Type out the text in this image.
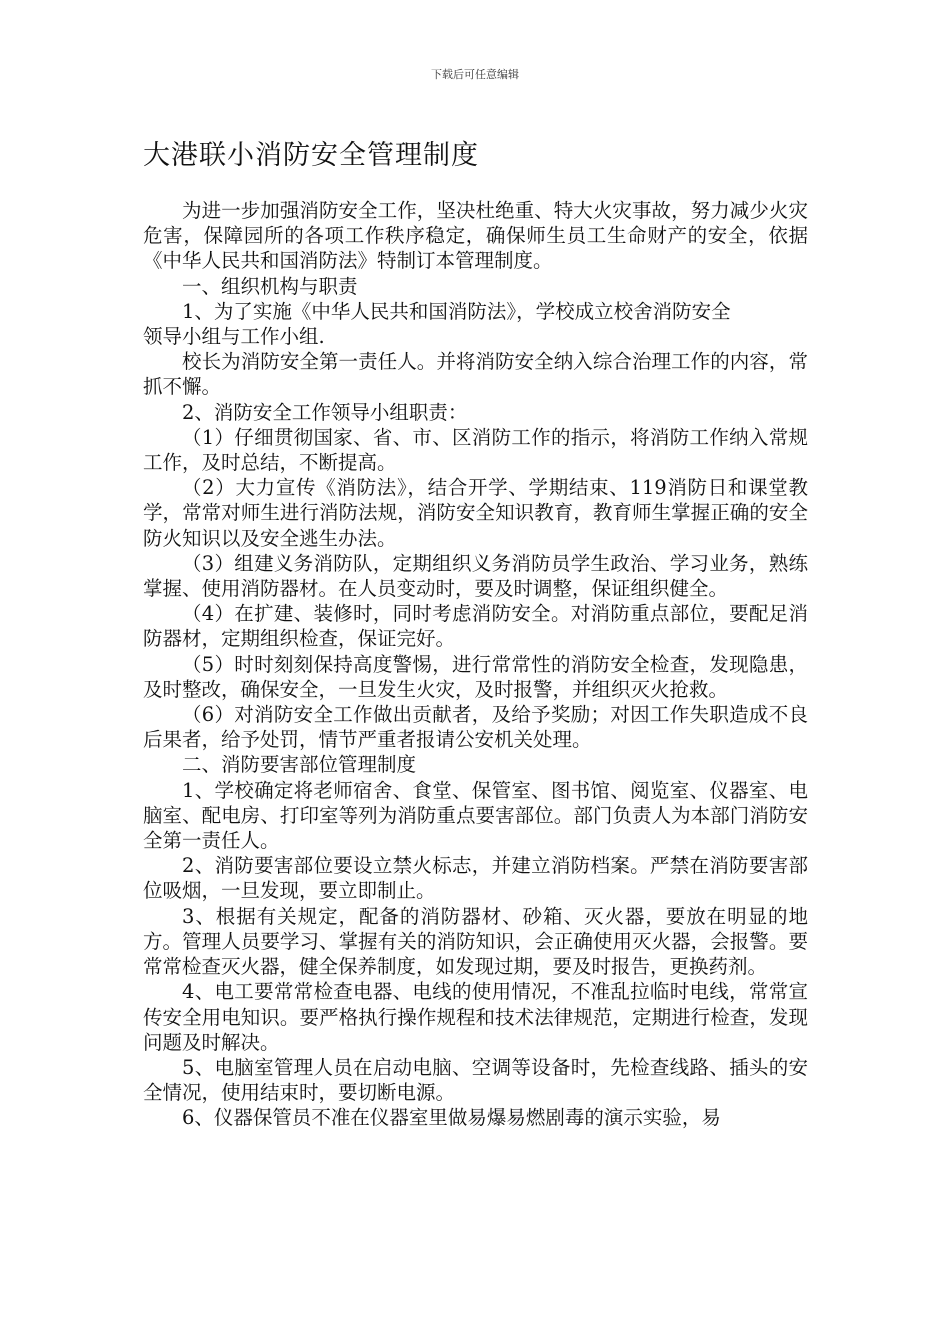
下载后可任意编辑
大港联小消防安全管理制度

为进一步加强消防安全工作，坚决杜绝重、特大火灾事故，努力减少火灾危害，保障园所的各项工作秩序稳定，确保师生员工生命财产的安全，依据《中华人民共和国消防法》特制订本管理制度。

一、组织机构与职责

1、为了实施《中华人民共和国消防法》，学校成立校舍消防安全

领导小组与工作小组.

校长为消防安全第一责任人。并将消防安全纳入综合治理工作的内容，常抓不懈。

2、消防安全工作领导小组职责：

（1）仔细贯彻国家、省、市、区消防工作的指示，将消防工作纳入常规工作，及时总结，不断提高。

（2）大力宣传《消防法》，结合开学、学期结束、119消防日和课堂教学，常常对师生进行消防法规，消防安全知识教育，教育师生掌握正确的安全防火知识以及安全逃生办法。

（3）组建义务消防队，定期组织义务消防员学生政治、学习业务，熟练掌握、使用消防器材。在人员变动时，要及时调整，保证组织健全。

（4）在扩建、装修时，同时考虑消防安全。对消防重点部位，要配足消防器材，定期组织检查，保证完好。

（5）时时刻刻保持高度警惕，进行常常性的消防安全检查，发现隐患，及时整改，确保安全，一旦发生火灾，及时报警，并组织灭火抢救。

（6）对消防安全工作做出贡献者，及给予奖励；对因工作失职造成不良后果者，给予处罚，情节严重者报请公安机关处理。

二、消防要害部位管理制度

1、学校确定将老师宿舍、食堂、保管室、图书馆、阅览室、仪器室、电脑室、配电房、打印室等列为消防重点要害部位。部门负责人为本部门消防安全第一责任人。

2、消防要害部位要设立禁火标志，并建立消防档案。严禁在消防要害部位吸烟，一旦发现，要立即制止。

3、根据有关规定，配备的消防器材、砂箱、灭火器，要放在明显的地方。管理人员要学习、掌握有关的消防知识，会正确使用灭火器，会报警。要常常检查灭火器，健全保养制度，如发现过期，要及时报告，更换药剂。

4、电工要常常检查电器、电线的使用情况，不准乱拉临时电线，常常宣传安全用电知识。要严格执行操作规程和技术法律规范，定期进行检查，发现问题及时解决。

5、电脑室管理人员在启动电脑、空调等设备时，先检查线路、插头的安全情况，使用结束时，要切断电源。

6、仪器保管员不准在仪器室里做易爆易燃剧毒的演示实验，易
